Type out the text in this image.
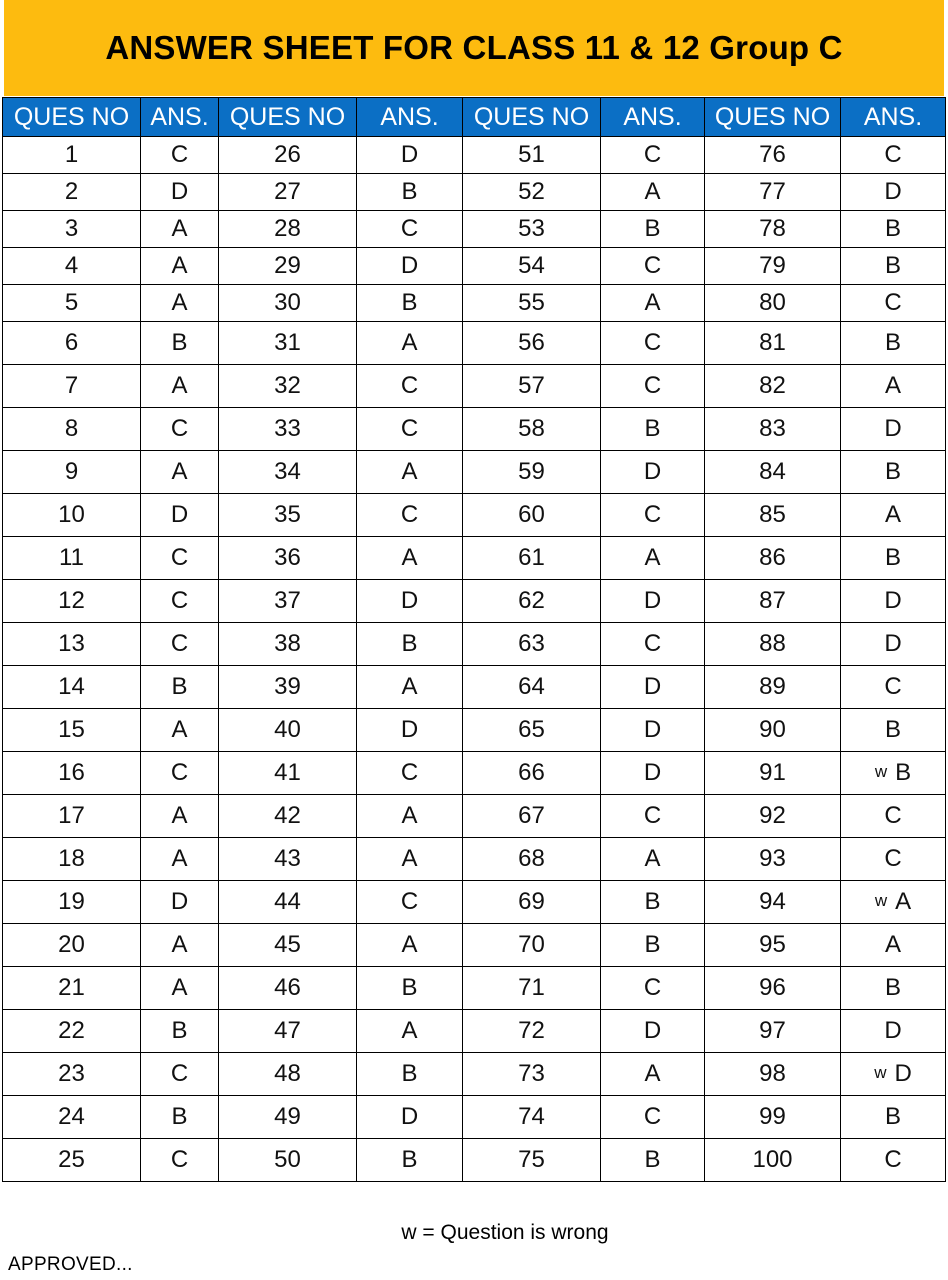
ANSWER SHEET FOR CLASS 11 & 12 Group C
QUES NO	ANS.	QUES NO	ANS.	QUES NO	ANS.	QUES NO	ANS.
1	C	26	D	51	C	76	C
2	D	27	B	52	A	77	D
3	A	28	C	53	B	78	B
4	A	29	D	54	C	79	B
5	A	30	B	55	A	80	C
6	B	31	A	56	C	81	B
7	A	32	C	57	C	82	A
8	C	33	C	58	B	83	D
9	A	34	A	59	D	84	B
10	D	35	C	60	C	85	A
11	C	36	A	61	A	86	B
12	C	37	D	62	D	87	D
13	C	38	B	63	C	88	D
14	B	39	A	64	D	89	C
15	A	40	D	65	D	90	B
16	C	41	C	66	D	91	w B
17	A	42	A	67	C	92	C
18	A	43	A	68	A	93	C
19	D	44	C	69	B	94	w A
20	A	45	A	70	B	95	A
21	A	46	B	71	C	96	B
22	B	47	A	72	D	97	D
23	C	48	B	73	A	98	w D
24	B	49	D	74	C	99	B
25	C	50	B	75	B	100	C
w = Question is wrong
APPROVED...
